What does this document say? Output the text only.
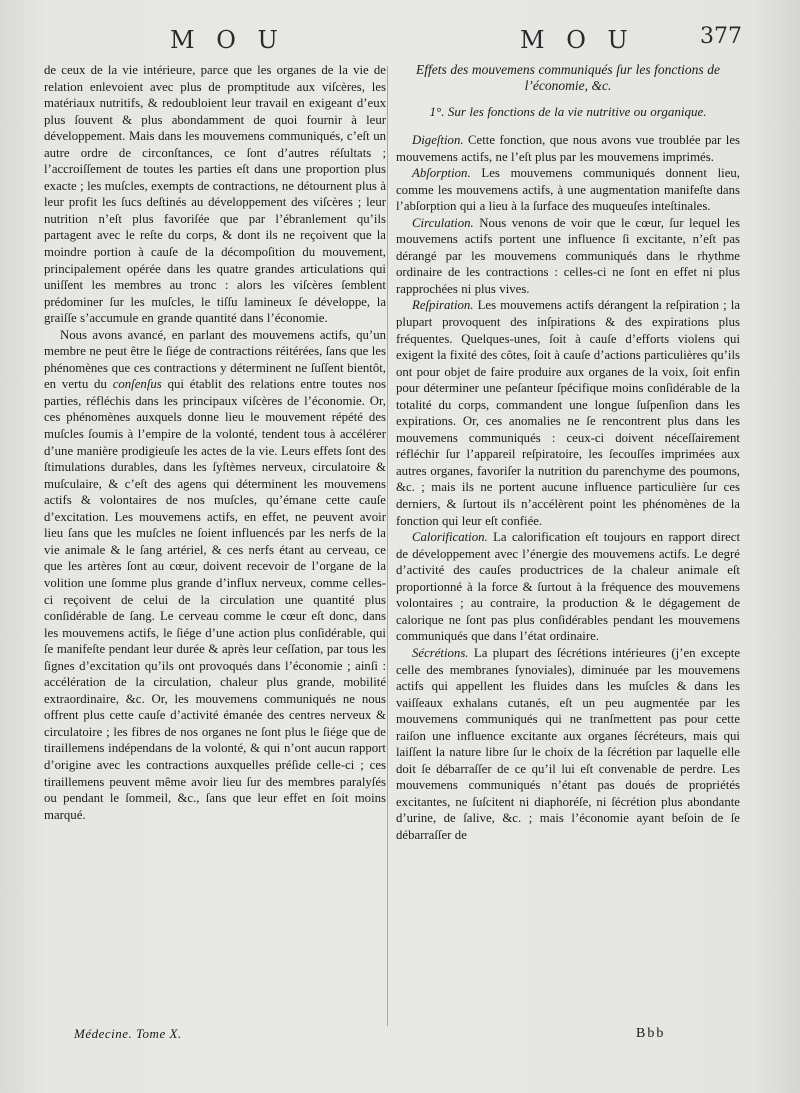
M O U	M O U	377

de ceux de la vie intérieure, parce que les organes de la vie de relation enlevoient avec plus de promptitude aux viſcères, les matériaux nutritifs, & redoubloient leur travail en exigeant d’eux plus ſouvent & plus abondamment de quoi fournir à leur développement. Mais dans les mouvemens communiqués, c’eſt un autre ordre de circonſtances, ce ſont d’autres réſultats ; l’accroiſſement de toutes les parties eſt dans une proportion plus exacte ; les muſcles, exempts de contractions, ne détournent plus à leur profit les ſucs deſtinés au développement des viſcères ; leur nutrition n’eſt plus favoriſée que par l’ébranlement qu’ils partagent avec le reſte du corps, & dont ils ne reçoivent que la moindre portion à cauſe de la décompoſition du mouvement, principalement opérée dans les quatre grandes articulations qui uniſſent les membres au tronc : alors les viſcères ſemblent prédominer ſur les muſcles, le tiſſu lamineux ſe développe, la graiſſe s’accumule en grande quantité dans l’économie.

Nous avons avancé, en parlant des mouvemens actifs, qu’un membre ne peut être le ſiége de contractions réitérées, ſans que les phénomènes que ces contractions y déterminent ne ſuſſent bientôt, en vertu du conſenſus qui établit des relations entre toutes nos parties, réfléchis dans les principaux viſcères de l’économie. Or, ces phénomènes auxquels donne lieu le mouvement répété des muſcles ſoumis à l’empire de la volonté, tendent tous à accélérer d’une manière prodigieuſe les actes de la vie. Leurs effets ſont des ſtimulations durables, dans les ſyſtèmes nerveux, circulatoire & muſculaire, & c’eſt des agens qui déterminent les mouvemens actifs & volontaires de nos muſcles, qu’émane cette cauſe d’excitation. Les mouvemens actifs, en effet, ne peuvent avoir lieu ſans que les muſcles ne ſoient influencés par les nerfs de la vie animale & le ſang artériel, & ces nerfs étant au cerveau, ce que les artères ſont au cœur, doivent recevoir de l’organe de la volition une ſomme plus grande d’influx nerveux, comme celles-ci reçoivent de celui de la circulation une quantité plus conſidérable de ſang. Le cerveau comme le cœur eſt donc, dans les mouvemens actifs, le ſiége d’une action plus conſidérable, qui ſe manifeſte pendant leur durée & après leur ceſſation, par tous les ſignes d’excitation qu’ils ont provoqués dans l’économie ; ainſi : accélération de la circulation, chaleur plus grande, mobilité extraordinaire, &c. Or, les mouvemens communiqués ne nous offrent plus cette cauſe d’activité émanée des centres nerveux & circulatoire ; les fibres de nos organes ne ſont plus le ſiége que de tiraillemens indépendans de la volonté, & qui n’ont aucun rapport d’origine avec les contractions auxquelles préſide celle-ci ; ces tiraillemens peuvent même avoir lieu ſur des membres paralyſés ou pendant le ſommeil, &c., ſans que leur effet en ſoit moins marqué.

Effets des mouvemens communiqués ſur les fonctions de l’économie, &c.

1°. Sur les fonctions de la vie nutritive ou organique.

Digeſtion. Cette fonction, que nous avons vue troublée par les mouvemens actifs, ne l’eſt plus par les mouvemens imprimés.

Abſorption. Les mouvemens communiqués donnent lieu, comme les mouvemens actifs, à une augmentation manifeſte dans l’abſorption qui a lieu à la ſurface des muqueuſes inteſtinales.

Circulation. Nous venons de voir que le cœur, ſur lequel les mouvemens actifs portent une influence ſi excitante, n’eſt pas dérangé par les mouvemens communiqués dans le rhythme ordinaire de les contractions : celles-ci ne ſont en effet ni plus rapprochées ni plus vives.

Reſpiration. Les mouvemens actifs dérangent la reſpiration ; la plupart provoquent des inſpirations & des expirations plus fréquentes. Quelques-unes, ſoit à cauſe d’efforts violens qui exigent la fixité des côtes, ſoit à cauſe d’actions particulières qu’ils ont pour objet de faire produire aux organes de la voix, ſoit enfin pour déterminer une peſanteur ſpécifique moins conſidérable de la totalité du corps, commandent une longue ſuſpenſion dans les expirations. Or, ces anomalies ne ſe rencontrent plus dans les mouvemens communiqués : ceux-ci doivent néceſſairement réfléchir ſur l’appareil reſpiratoire, les ſecouſſes imprimées aux autres organes, favoriſer la nutrition du parenchyme des poumons, &c. ; mais ils ne portent aucune influence particulière ſur ces derniers, & ſurtout ils n’accélèrent point les phénomènes de la fonction qui leur eſt confiée.

Calorification. La calorification eſt toujours en rapport direct de développement avec l’énergie des mouvemens actifs. Le degré d’activité des cauſes productrices de la chaleur animale eſt proportionné à la force & ſurtout à la fréquence des mouvemens volontaires ; au contraire, la production & le dégagement de calorique ne ſont pas plus conſidérables pendant les mouvemens communiqués que dans l’état ordinaire.

Sécrétions. La plupart des ſécrétions intérieures (j’en excepte celle des membranes ſynoviales), diminuée par les mouvemens actifs qui appellent les fluides dans les muſcles & dans les vaiſſeaux exhalans cutanés, eſt un peu augmentée par les mouvemens communiqués qui ne tranſmettent pas pour cette raiſon une influence excitante aux organes ſécréteurs, mais qui laiſſent la nature libre ſur le choix de la ſécrétion par laquelle elle doit ſe débarraſſer de ce qu’il lui eſt convenable de perdre. Les mouvemens communiqués n’étant pas doués de propriétés excitantes, ne ſuſcitent ni diaphoréſe, ni ſécrétion plus abondante d’urine, de ſalive, &c. ; mais l’économie ayant beſoin de ſe débarraſſer de

Médecine. Tome X.	Bbb
